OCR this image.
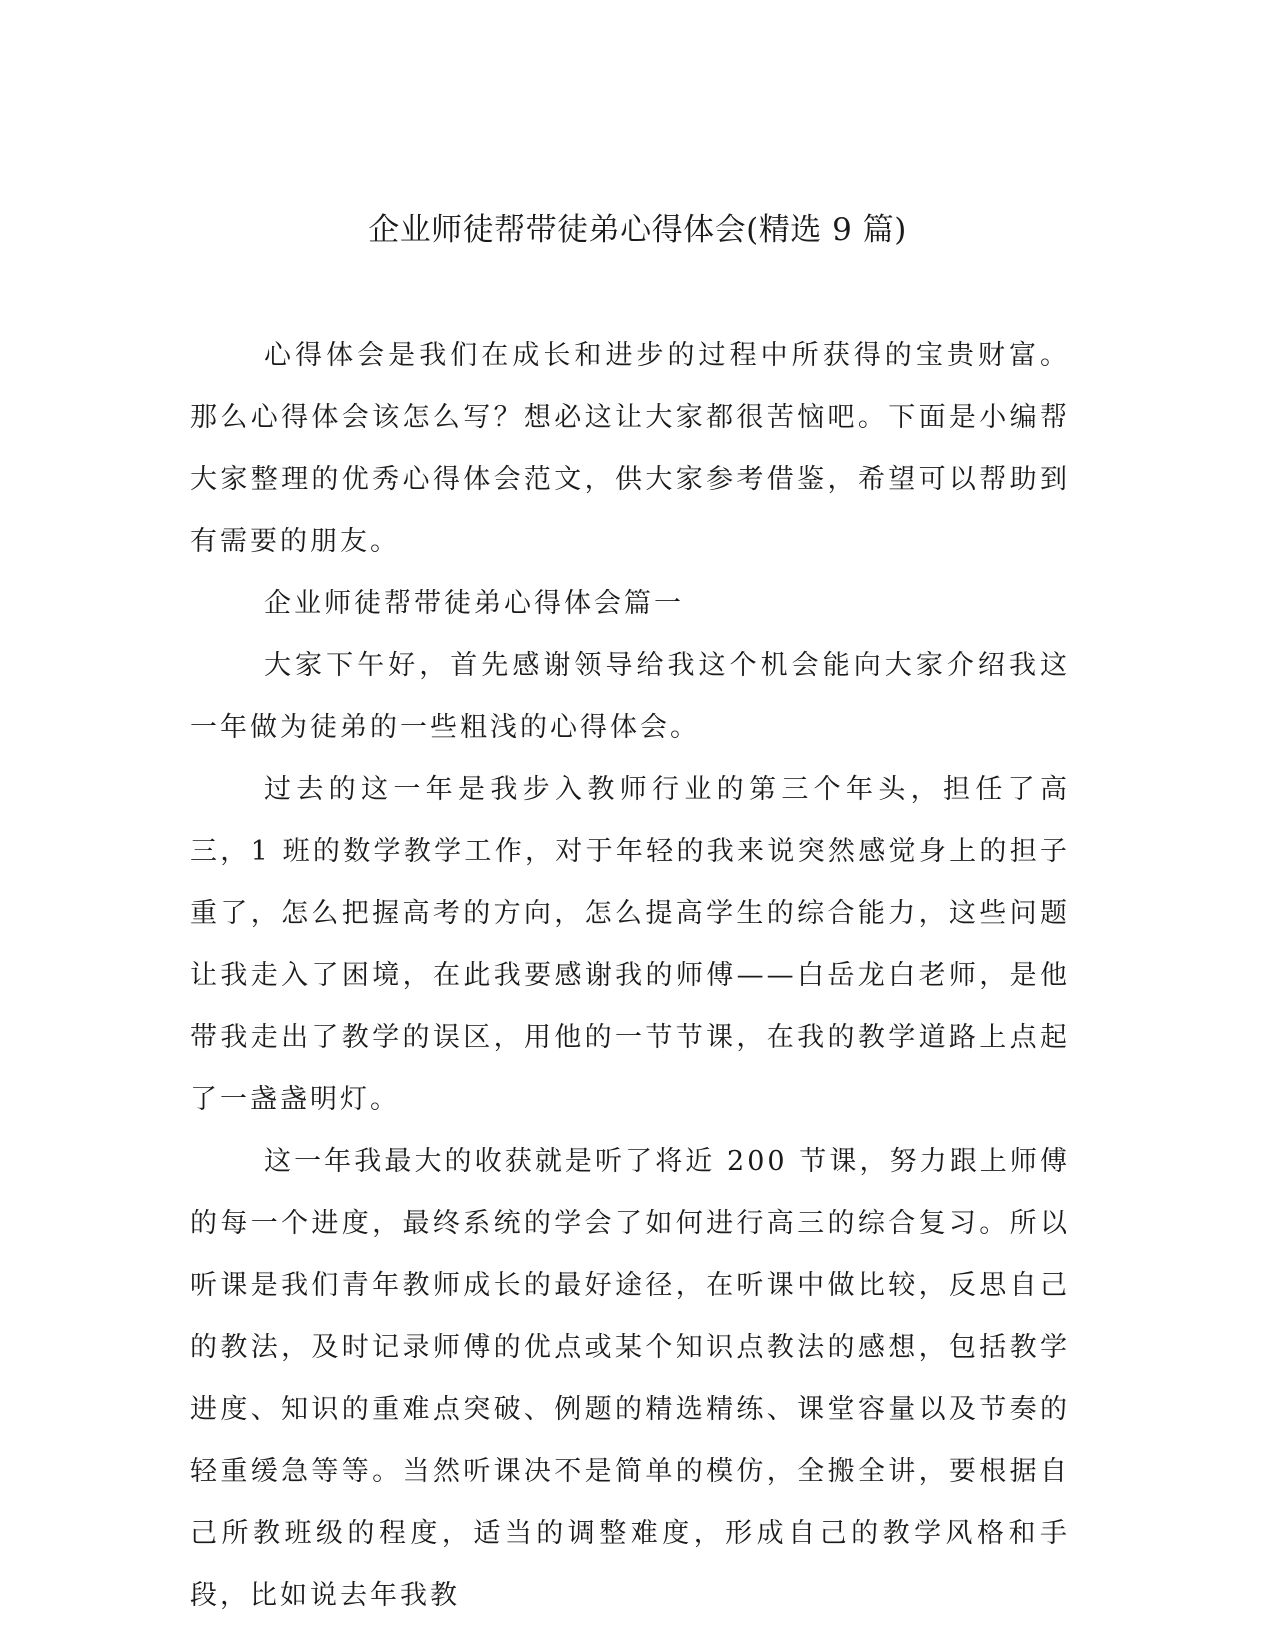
企业师徒帮带徒弟心得体会(精选 9 篇)

心得体会是我们在成长和进步的过程中所获得的宝贵财富。那么心得体会该怎么写？想必这让大家都很苦恼吧。下面是小编帮大家整理的优秀心得体会范文，供大家参考借鉴，希望可以帮助到有需要的朋友。

企业师徒帮带徒弟心得体会篇一

大家下午好，首先感谢领导给我这个机会能向大家介绍我这一年做为徒弟的一些粗浅的心得体会。

过去的这一年是我步入教师行业的第三个年头，担任了高三，1 班的数学教学工作，对于年轻的我来说突然感觉身上的担子重了，怎么把握高考的方向，怎么提高学生的综合能力，这些问题让我走入了困境，在此我要感谢我的师傅——白岳龙白老师，是他带我走出了教学的误区，用他的一节节课，在我的教学道路上点起了一盏盏明灯。

这一年我最大的收获就是听了将近 200 节课，努力跟上师傅的每一个进度，最终系统的学会了如何进行高三的综合复习。所以听课是我们青年教师成长的最好途径，在听课中做比较，反思自己的教法，及时记录师傅的优点或某个知识点教法的感想，包括教学进度、知识的重难点突破、例题的精选精练、课堂容量以及节奏的轻重缓急等等。当然听课决不是简单的模仿，全搬全讲，要根据自己所教班级的程度，适当的调整难度，形成自己的教学风格和手段，比如说去年我教
